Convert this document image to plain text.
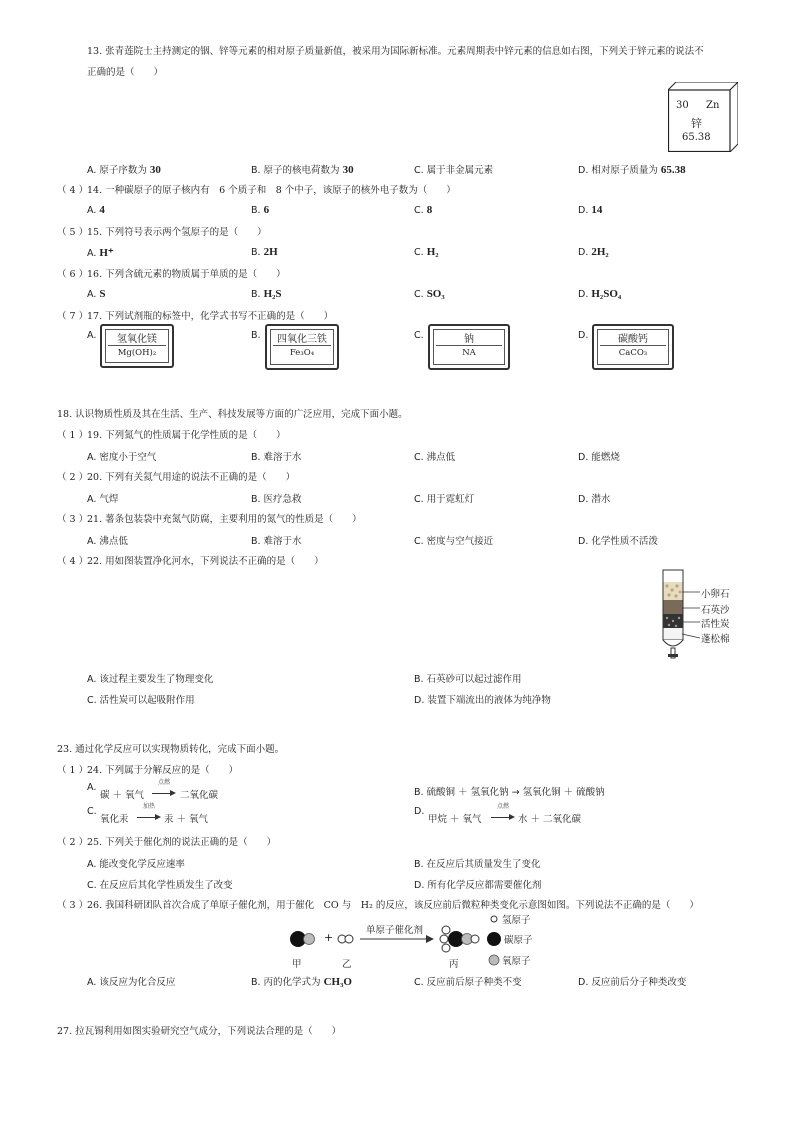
13. 张青莲院士主持测定的铟、锌等元素的相对原子质量新值，被采用为国际新标准。元素周期表中锌元素的信息如右图，下列关于锌元素的说法不
正确的是（　　）
30 Zn
锌
65.38
A. 原子序数为 30	B. 原子的核电荷数为 30	C. 属于非金属元素	D. 相对原子质量为 65.38
（ 4 ）
14. 一种碳原子的原子核内有　6 个质子和　8 个中子，该原子的核外电子数为（　　）
A. 4	B. 6	C. 8	D. 14
（ 5 ）
15. 下列符号表示两个氢原子的是（　　）
A. H⁺	B. 2H	C. H₂	D. 2H₂
（ 6 ）
16. 下列含硫元素的物质属于单质的是（　　）
A. S	B. H₂S	C. SO₃	D. H₂SO₄
（ 7 ）
17. 下列试剂瓶的标签中，化学式书写不正确的是（　　）
A.	氢氧化镁
Mg(OH)₂
B.	四氧化三铁
Fe₃O₄
C.	钠
NA
D.	碳酸钙
CaCO₃
18. 认识物质性质及其在生活、生产、科技发展等方面的广泛应用，完成下面小题。
（ 1 ）
19. 下列氮气的性质属于化学性质的是（　　）
A. 密度小于空气	B. 难溶于水	C. 沸点低	D. 能燃烧
（ 2 ）
20. 下列有关氦气用途的说法不正确的是（　　）
A. 气焊	B. 医疗急救	C. 用于霓虹灯	D. 潜水
（ 3 ）
21. 薯条包装袋中充氮气防腐，主要利用的氮气的性质是（　　）
A. 沸点低	B. 难溶于水	C. 密度与空气接近	D. 化学性质不活泼
（ 4 ）
22. 用如图装置净化河水，下列说法不正确的是（　　）
小卵石
石英沙
活性炭
蓬松棉
A. 该过程主要发生了物理变化	B. 石英砂可以起过滤作用
C. 活性炭可以起吸附作用	D. 装置下端流出的液体为纯净物
23. 通过化学反应可以实现物质转化，完成下面小题。
（ 1 ）
24. 下列属于分解反应的是（　　）
A.
碳 ＋ 氧气
点燃
→ 二氧化碳	B. 硫酸铜 ＋ 氢氧化钠 → 氢氧化铜 ＋ 硫酸钠
C.
氧化汞
加热
→ 汞 ＋ 氧气
D.
甲烷 ＋ 氧气
点燃
→ 水 ＋ 二氧化碳
（ 2 ）
25. 下列关于催化剂的说法正确的是（　　）
A. 能改变化学反应速率	B. 在反应后其质量发生了变化
C. 在反应后其化学性质发生了改变	D. 所有化学反应都需要催化剂
（ 3 ）
26. 我国科研团队首次合成了单原子催化剂，用于催化　CO 与　H₂ 的反应，该反应前后微粒种类变化示意图如图。下列说法不正确的是（　　）
+
单原子催化剂
甲	乙	丙
氢原子
碳原子
氧原子
A. 该反应为化合反应	B. 丙的化学式为 CH₃O	C. 反应前后原子种类不变	D. 反应前后分子种类改变
27. 拉瓦锡利用如图实验研究空气成分，下列说法合理的是（　　）
